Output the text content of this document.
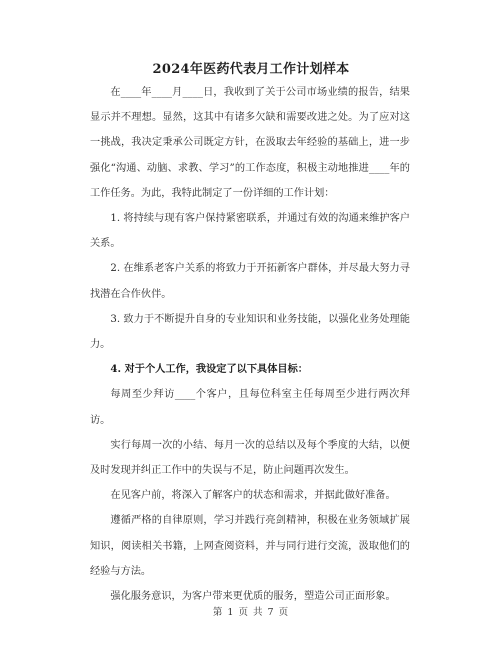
2024年医药代表月工作计划样本

在____年____月____日，我收到了关于公司市场业绩的报告，结果显示并不理想。显然，这其中有诸多欠缺和需要改进之处。为了应对这一挑战，我决定秉承公司既定方针，在汲取去年经验的基础上，进一步强化“沟通、动脑、求教、学习”的工作态度，积极主动地推进____年的工作任务。为此，我特此制定了一份详细的工作计划：

1. 将持续与现有客户保持紧密联系，并通过有效的沟通来维护客户关系。

2. 在维系老客户关系的将致力于开拓新客户群体，并尽最大努力寻找潜在合作伙伴。

3. 致力于不断提升自身的专业知识和业务技能，以强化业务处理能力。

4. 对于个人工作，我设定了以下具体目标：

每周至少拜访____个客户，且每位科室主任每周至少进行两次拜访。

实行每周一次的小结、每月一次的总结以及每个季度的大结，以便及时发现并纠正工作中的失误与不足，防止问题再次发生。

在见客户前，将深入了解客户的状态和需求，并据此做好准备。

遵循严格的自律原则，学习并践行亮剑精神，积极在业务领域扩展知识，阅读相关书籍，上网查阅资料，并与同行进行交流，汲取他们的经验与方法。

强化服务意识，为客户带来更优质的服务，塑造公司正面形象。

第 1 页 共 7 页
